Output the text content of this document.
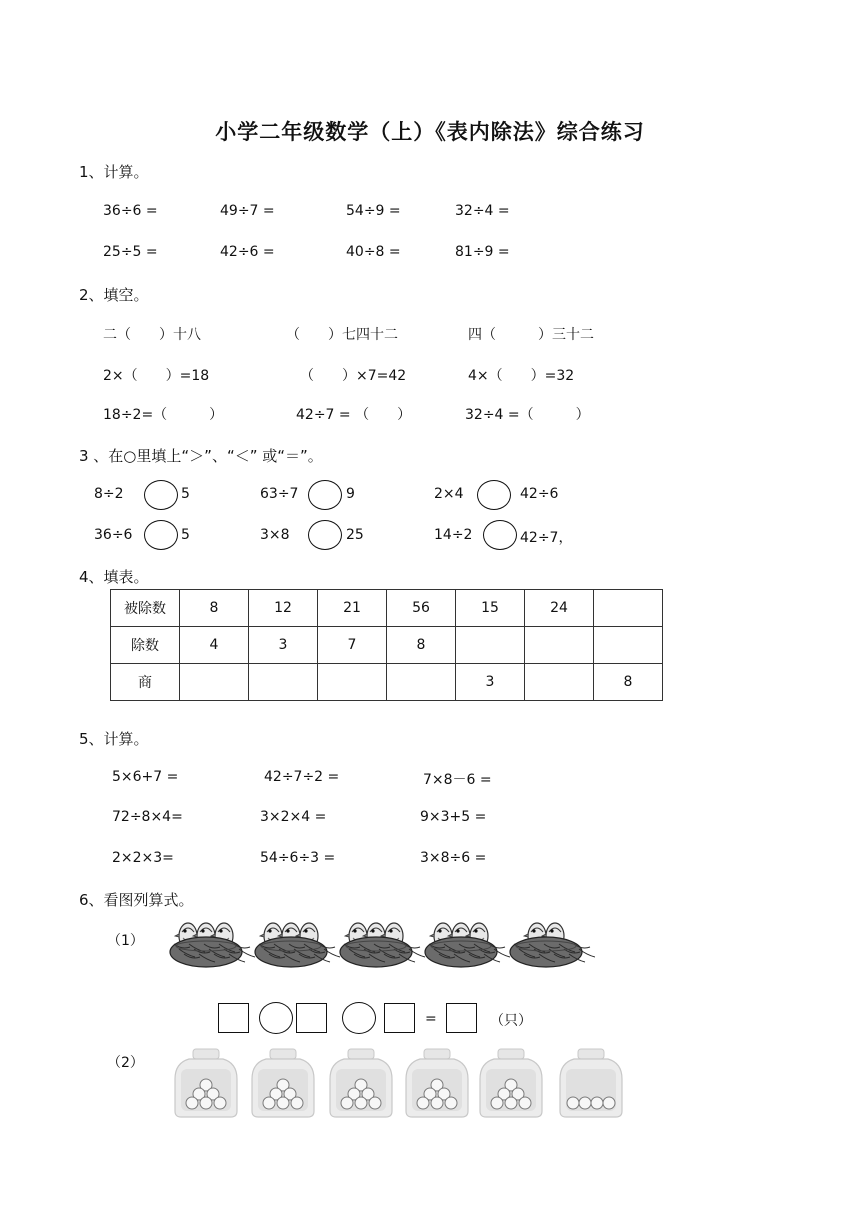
小学二年级数学（上）《表内除法》综合练习
1、计算。
36÷6 =	49÷7 =	54÷9 =	32÷4 =
25÷5 =	42÷6 =	40÷8 =	81÷9 =
2、填空。
二（　　）十八	（　　）七四十二	四（　　　）三十二
2×（　　）=18	（　　）×7=42	4×（　　）=32
18÷2=（　　　）	42÷7 = （　　）	32÷4 =（　　　）
3 、在○里填上“＞”、“＜” 或“＝”。
8÷2	5	63÷7	9	2×4	42÷6
36÷6	5	3×8	25	14÷2	42÷7，
4、填表。
被除数	8	12	21	56	15	24	
除数	4	3	7	8			
商					3		8
5、计算。
5×6+7 =	42÷7÷2 =	7×8－6 =
72÷8×4=	3×2×4 =	9×3+5 =
2×2×3=	54÷6÷3 =	3×8÷6 =
6、看图列算式。
（1）
=	（只）
（2）
